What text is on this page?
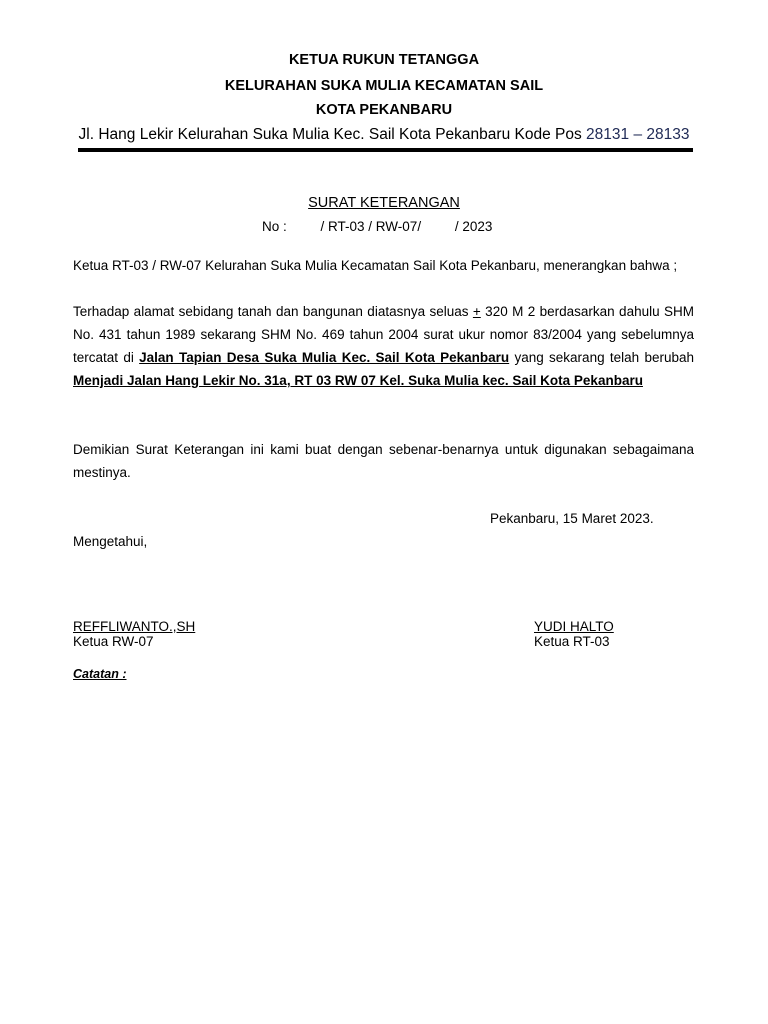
KETUA RUKUN TETANGGA
KELURAHAN SUKA MULIA KECAMATAN SAIL
KOTA PEKANBARU
Jl. Hang Lekir Kelurahan Suka Mulia Kec. Sail Kota Pekanbaru Kode Pos 28131 – 28133
SURAT KETERANGAN
No :	/ RT-03 / RW-07/	/ 2023
Ketua RT-03 / RW-07 Kelurahan Suka Mulia Kecamatan Sail Kota Pekanbaru, menerangkan bahwa ;
Terhadap alamat sebidang tanah dan bangunan diatasnya seluas + 320 M 2 berdasarkan dahulu SHM No. 431 tahun 1989 sekarang SHM No. 469 tahun 2004 surat ukur nomor 83/2004 yang sebelumnya tercatat di Jalan Tapian Desa Suka Mulia Kec. Sail Kota Pekanbaru yang sekarang telah berubah Menjadi Jalan Hang Lekir No. 31a, RT 03 RW 07 Kel. Suka Mulia kec. Sail Kota Pekanbaru
Demikian Surat Keterangan ini kami buat dengan sebenar-benarnya untuk digunakan sebagaimana mestinya.
Pekanbaru, 15 Maret 2023.
Mengetahui,
REFFLIWANTO.,SH
Ketua RW-07
YUDI HALTO
Ketua RT-03
Catatan :
